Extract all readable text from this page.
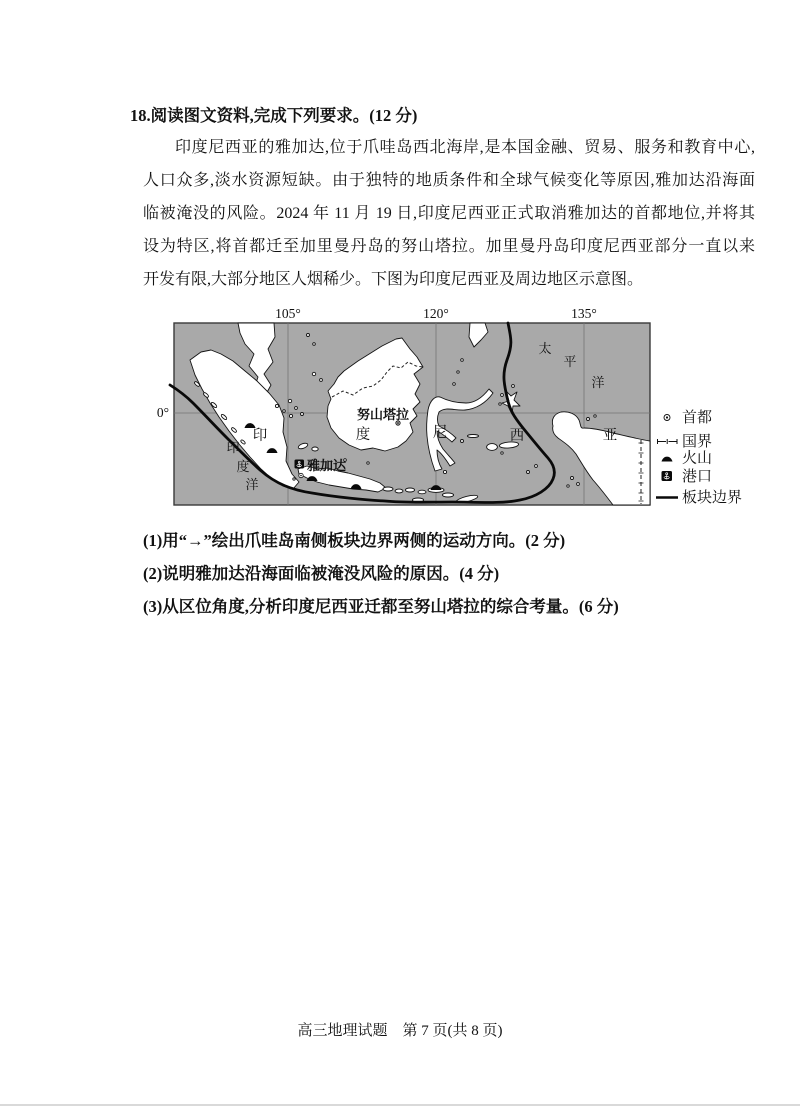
18.阅读图文资料,完成下列要求。(12 分)
印度尼西亚的雅加达,位于爪哇岛西北海岸,是本国金融、贸易、服务和教育中心,
人口众多,淡水资源短缺。由于独特的地质条件和全球气候变化等原因,雅加达沿海面
临被淹没的风险。2024 年 11 月 19 日,印度尼西亚正式取消雅加达的首都地位,并将其
设为特区,将首都迁至加里曼丹岛的努山塔拉。加里曼丹岛印度尼西亚部分一直以来
开发有限,大部分地区人烟稀少。下图为印度尼西亚及周边地区示意图。
105°	120°	135°
0°	努山塔拉
雅加达
印	度	尼	西	亚
印
度
洋
太
平
洋
首都
国界
火山
港口
板块边界
(1)用“→”绘出爪哇岛南侧板块边界两侧的运动方向。(2 分)
(2)说明雅加达沿海面临被淹没风险的原因。(4 分)
(3)从区位角度,分析印度尼西亚迁都至努山塔拉的综合考量。(6 分)
高三地理试题　第 7 页(共 8 页)
